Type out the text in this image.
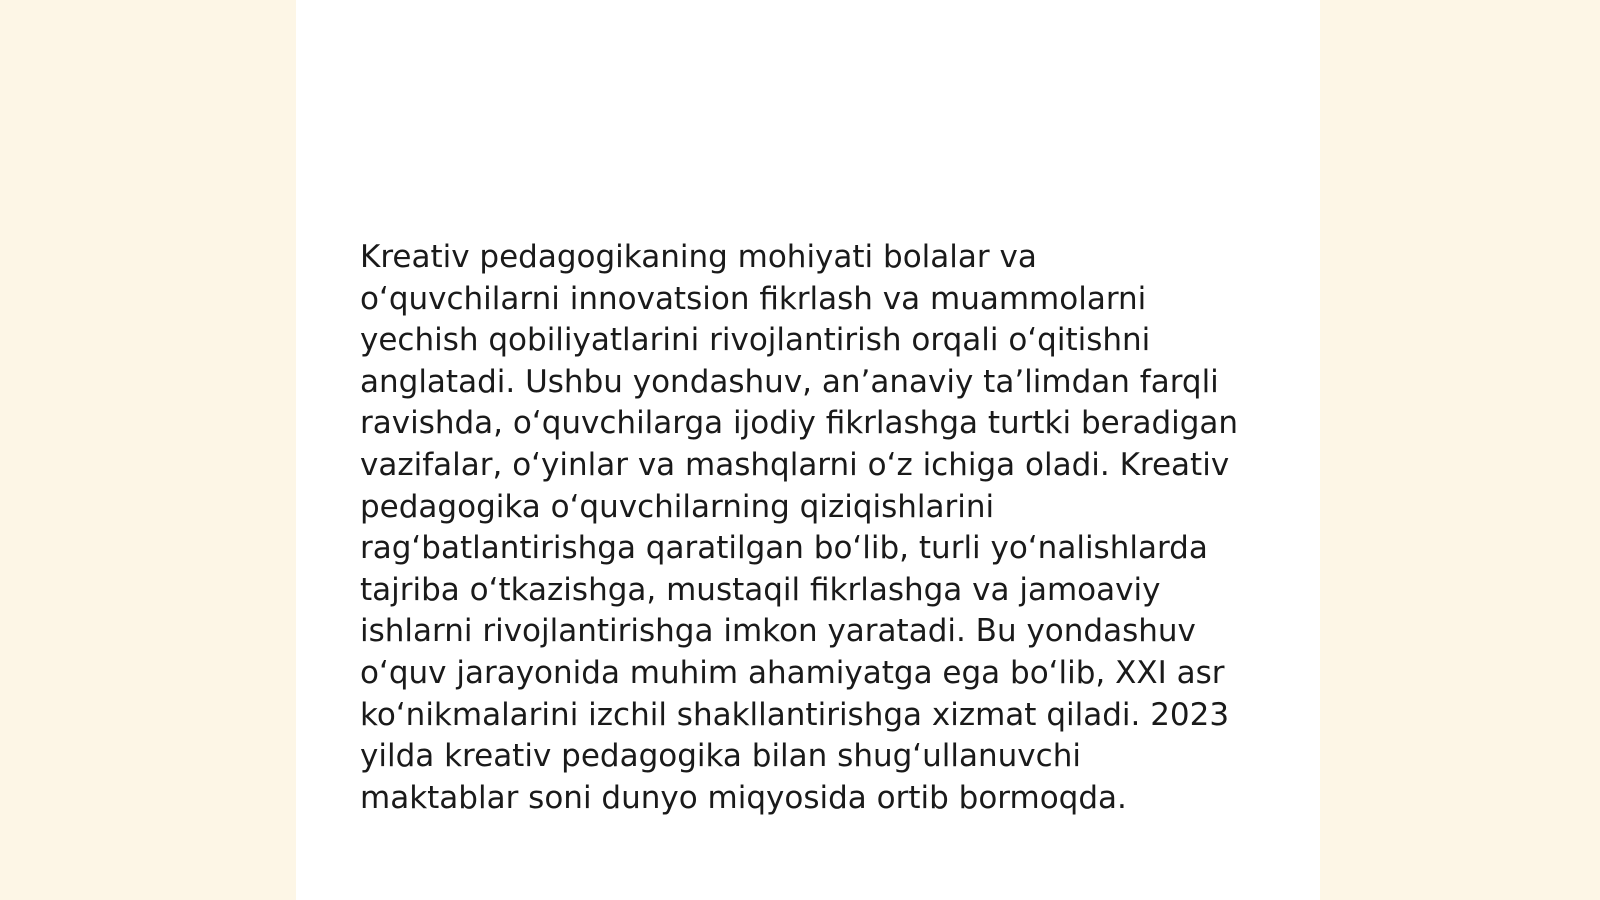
Kreativ pedagogikaning mohiyati bolalar va o‘quvchilarni innovatsion fikrlash va muammolarni yechish qobiliyatlarini rivojlantirish orqali o‘qitishni anglatadi. Ushbu yondashuv, an’anaviy ta’limdan farqli ravishda, o‘quvchilarga ijodiy fikrlashga turtki beradigan vazifalar, o‘yinlar va mashqlarni o‘z ichiga oladi. Kreativ pedagogika o‘quvchilarning qiziqishlarini rag‘batlantirishga qaratilgan bo‘lib, turli yo‘nalishlarda tajriba o‘tkazishga, mustaqil fikrlashga va jamoaviy ishlarni rivojlantirishga imkon yaratadi. Bu yondashuv o‘quv jarayonida muhim ahamiyatga ega bo‘lib, XXI asr ko‘nikmalarini izchil shakllantirishga xizmat qiladi. 2023 yilda kreativ pedagogika bilan shug‘ullanuvchi maktablar soni dunyo miqyosida ortib bormoqda.
